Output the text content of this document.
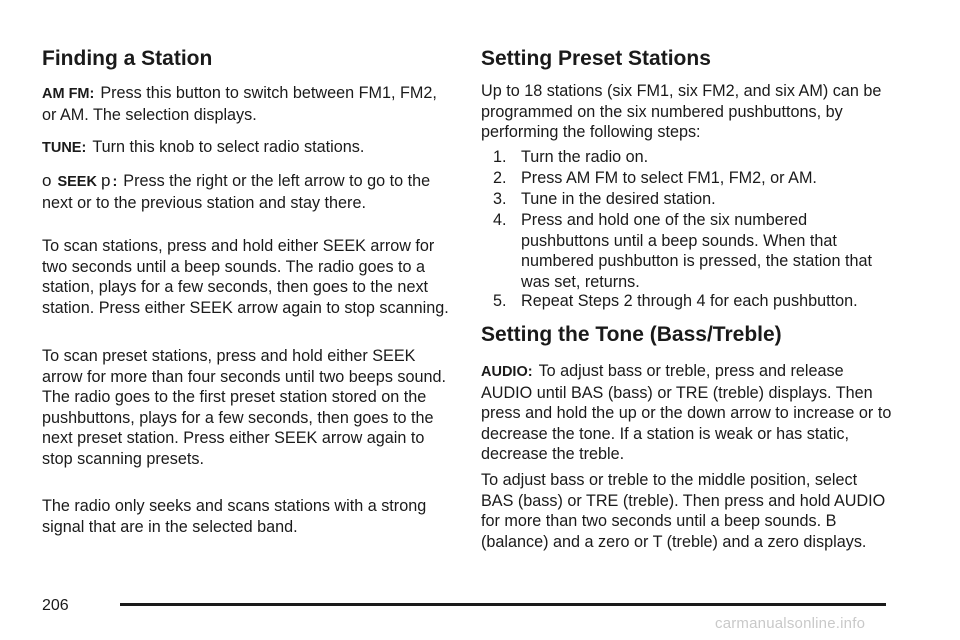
Finding a Station

AM FM: Press this button to switch between FM1, FM2, or AM. The selection displays.

TUNE: Turn this knob to select radio stations.

o SEEK p : Press the right or the left arrow to go to the next or to the previous station and stay there.

To scan stations, press and hold either SEEK arrow for two seconds until a beep sounds. The radio goes to a station, plays for a few seconds, then goes to the next station. Press either SEEK arrow again to stop scanning.

To scan preset stations, press and hold either SEEK arrow for more than four seconds until two beeps sound. The radio goes to the first preset station stored on the pushbuttons, plays for a few seconds, then goes to the next preset station. Press either SEEK arrow again to stop scanning presets.

The radio only seeks and scans stations with a strong signal that are in the selected band.

Setting Preset Stations

Up to 18 stations (six FM1, six FM2, and six AM) can be programmed on the six numbered pushbuttons, by performing the following steps:

1. Turn the radio on.
2. Press AM FM to select FM1, FM2, or AM.
3. Tune in the desired station.
4. Press and hold one of the six numbered pushbuttons until a beep sounds. When that numbered pushbutton is pressed, the station that was set, returns.
5. Repeat Steps 2 through 4 for each pushbutton.
Setting the Tone (Bass/Treble)

AUDIO: To adjust bass or treble, press and release AUDIO until BAS (bass) or TRE (treble) displays. Then press and hold the up or the down arrow to increase or to decrease the tone. If a station is weak or has static, decrease the treble.

To adjust bass or treble to the middle position, select BAS (bass) or TRE (treble). Then press and hold AUDIO for more than two seconds until a beep sounds. B (balance) and a zero or T (treble) and a zero displays.

206
carmanualsonline.info
